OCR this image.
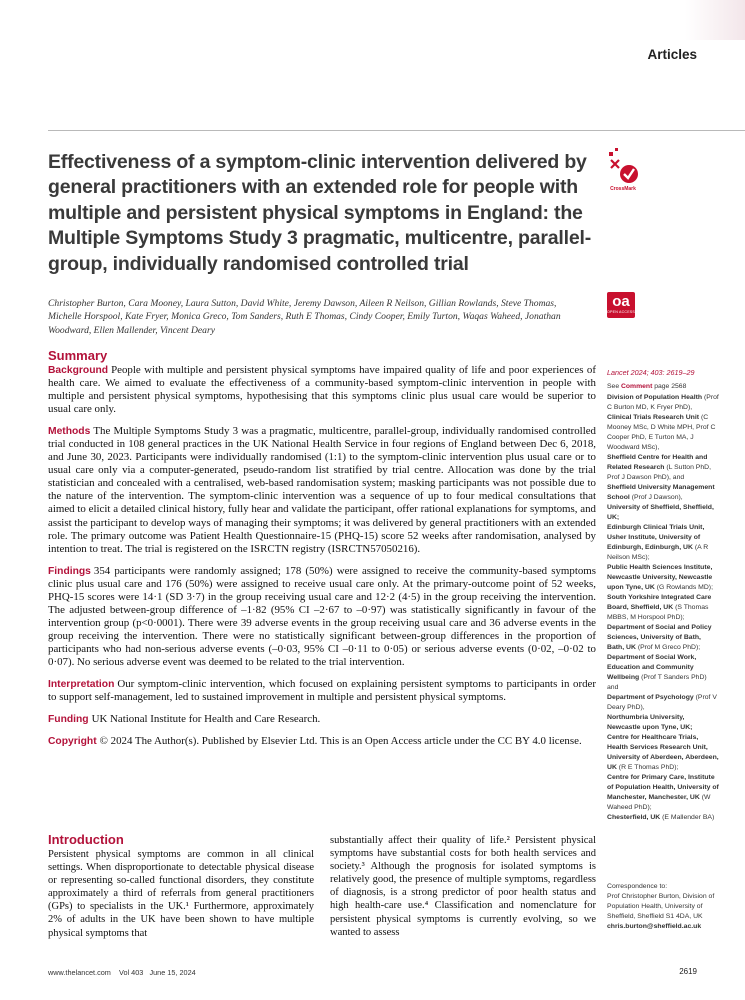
Articles
Effectiveness of a symptom-clinic intervention delivered by general practitioners with an extended role for people with multiple and persistent physical symptoms in England: the Multiple Symptoms Study 3 pragmatic, multicentre, parallel-group, individually randomised controlled trial
CrossMark
oa
OPEN ACCESS
Christopher Burton, Cara Mooney, Laura Sutton, David White, Jeremy Dawson, Aileen R Neilson, Gillian Rowlands, Steve Thomas, Michelle Horspool, Kate Fryer, Monica Greco, Tom Sanders, Ruth E Thomas, Cindy Cooper, Emily Turton, Waqas Waheed, Jonathan Woodward, Ellen Mallender, Vincent Deary
Summary

Background People with multiple and persistent physical symptoms have impaired quality of life and poor experiences of health care. We aimed to evaluate the effectiveness of a community-based symptom-clinic intervention in people with multiple and persistent physical symptoms, hypothesising that this symptoms clinic plus usual care would be superior to usual care only.

Methods The Multiple Symptoms Study 3 was a pragmatic, multicentre, parallel-group, individually randomised controlled trial conducted in 108 general practices in the UK National Health Service in four regions of England between Dec 6, 2018, and June 30, 2023. Participants were individually randomised (1:1) to the symptom-clinic intervention plus usual care or to usual care only via a computer-generated, pseudo-random list stratified by trial centre. Allocation was done by the trial statistician and concealed with a centralised, web-based randomisation system; masking participants was not possible due to the nature of the intervention. The symptom-clinic intervention was a sequence of up to four medical consultations that aimed to elicit a detailed clinical history, fully hear and validate the participant, offer rational explanations for symptoms, and assist the participant to develop ways of managing their symptoms; it was delivered by general practitioners with an extended role. The primary outcome was Patient Health Questionnaire-15 (PHQ-15) score 52 weeks after randomisation, analysed by intention to treat. The trial is registered on the ISRCTN registry (ISRCTN57050216).

Findings 354 participants were randomly assigned; 178 (50%) were assigned to receive the community-based symptoms clinic plus usual care and 176 (50%) were assigned to receive usual care only. At the primary-outcome point of 52 weeks, PHQ-15 scores were 14·1 (SD 3·7) in the group receiving usual care and 12·2 (4·5) in the group receiving the intervention. The adjusted between-group difference of –1·82 (95% CI –2·67 to –0·97) was statistically significantly in favour of the intervention group (p<0·0001). There were 39 adverse events in the group receiving usual care and 36 adverse events in the group receiving the intervention. There were no statistically significant between-group differences in the proportion of participants who had non-serious adverse events (–0·03, 95% CI –0·11 to 0·05) or serious adverse events (0·02, –0·02 to 0·07). No serious adverse event was deemed to be related to the trial intervention.

Interpretation Our symptom-clinic intervention, which focused on explaining persistent symptoms to participants in order to support self-management, led to sustained improvement in multiple and persistent physical symptoms.

Funding UK National Institute for Health and Care Research.

Copyright © 2024 The Author(s). Published by Elsevier Ltd. This is an Open Access article under the CC BY 4.0 license.

Introduction

Persistent physical symptoms are common in all clinical settings. When disproportionate to detectable physical disease or representing so-called functional disorders, they constitute approximately a third of referrals from general practitioners (GPs) to specialists in the UK.¹ Furthermore, approximately 2% of adults in the UK have been shown to have multiple physical symptoms that

substantially affect their quality of life.² Persistent physical symptoms have substantial costs for both health services and society.³ Although the prognosis for isolated symptoms is relatively good, the presence of multiple symptoms, regardless of diagnosis, is a strong predictor of poor health status and high health-care use.⁴ Classification and nomenclature for persistent physical symptoms is currently evolving, so we wanted to assess

Lancet 2024; 403: 2619–29
See Comment page 2568

Division of Population Health (Prof C Burton MD, K Fryer PhD),

Clinical Trials Research Unit (C Mooney MSc, D White MPH, Prof C Cooper PhD, E Turton MA, J Woodward MSc),

Sheffield Centre for Health and Related Research (L Sutton PhD, Prof J Dawson PhD), and

Sheffield University Management School (Prof J Dawson),

University of Sheffield, Sheffield, UK;

Edinburgh Clinical Trials Unit, Usher Institute, University of Edinburgh, Edinburgh, UK (A R Neilson MSc);

Public Health Sciences Institute, Newcastle University, Newcastle upon Tyne, UK (G Rowlands MD);

South Yorkshire Integrated Care Board, Sheffield, UK (S Thomas MBBS, M Horspool PhD);

Department of Social and Policy Sciences, University of Bath, Bath, UK (Prof M Greco PhD);

Department of Social Work, Education and Community Wellbeing (Prof T Sanders PhD) and

Department of Psychology (Prof V Deary PhD),

Northumbria University, Newcastle upon Tyne, UK;

Centre for Healthcare Trials, Health Services Research Unit, University of Aberdeen, Aberdeen, UK (R E Thomas PhD);

Centre for Primary Care, Institute of Population Health, University of Manchester, Manchester, UK (W Waheed PhD);

Chesterfield, UK (E Mallender BA)

Correspondence to:
Prof Christopher Burton, Division of Population Health, University of Sheffield, Sheffield S1 4DA, UK
chris.burton@sheffield.ac.uk
www.thelancet.com Vol 403 June 15, 2024	2619
